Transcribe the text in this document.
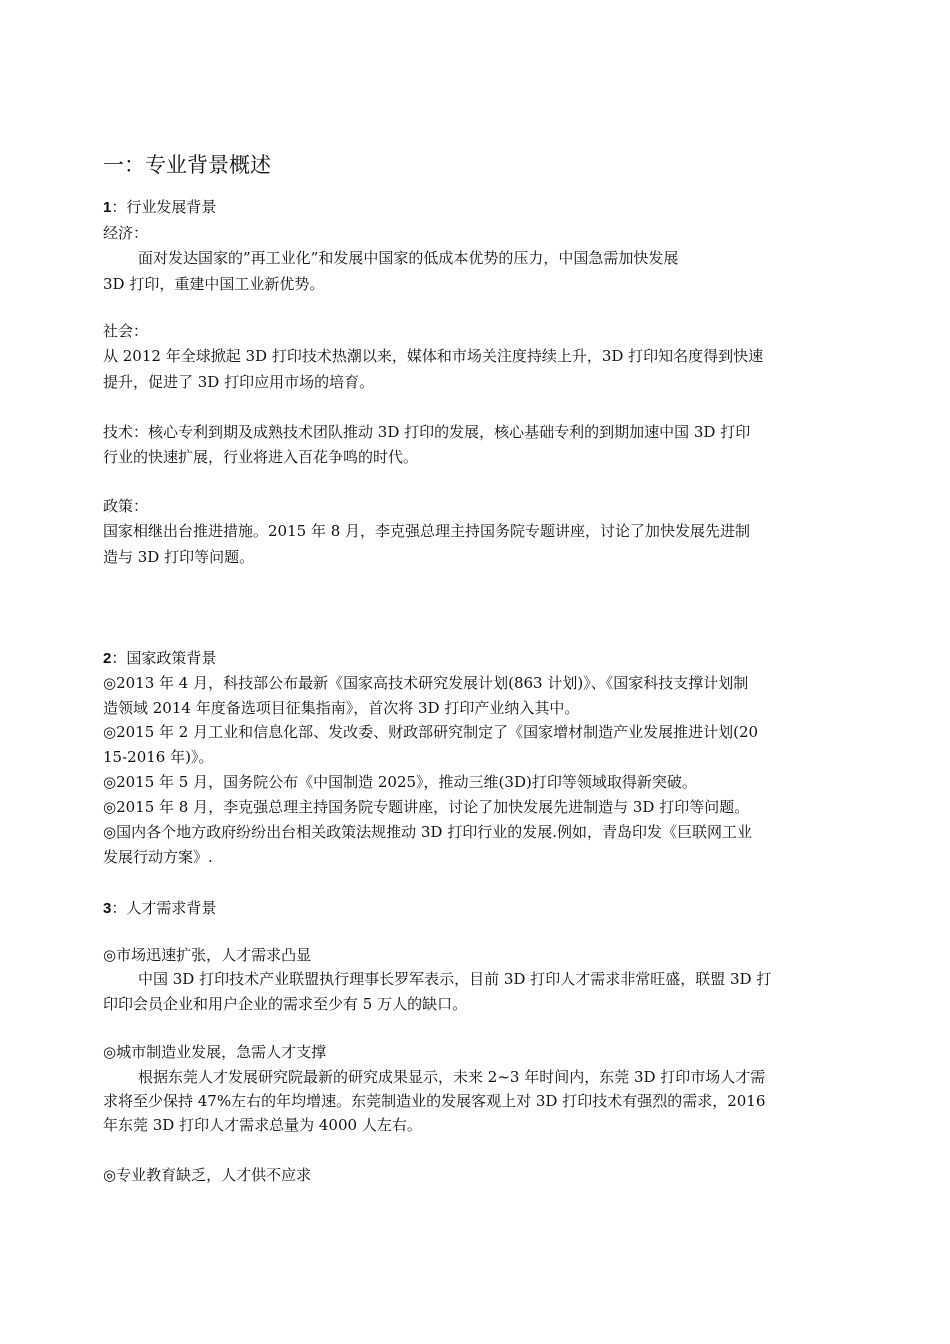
一：专业背景概述
1：行业发展背景
经济：
面对发达国家的”再工业化”和发展中国家的低成本优势的压力，中国急需加快发展
3D 打印，重建中国工业新优势。
社会：
从 2012 年全球掀起 3D 打印技术热潮以来，媒体和市场关注度持续上升，3D 打印知名度得到快速
提升，促进了 3D 打印应用市场的培育。
技术：核心专利到期及成熟技术团队推动 3D 打印的发展，核心基础专利的到期加速中国 3D 打印
行业的快速扩展，行业将进入百花争鸣的时代。
政策：
国家相继出台推进措施。2015 年 8 月，李克强总理主持国务院专题讲座，讨论了加快发展先进制
造与 3D 打印等问题。
2：国家政策背景
◎2013 年 4 月，科技部公布最新《国家高技术研究发展计划(863 计划)》、《国家科技支撑计划制
造领域 2014 年度备选项目征集指南》，首次将 3D 打印产业纳入其中。
◎2015 年 2 月工业和信息化部、发改委、财政部研究制定了《国家增材制造产业发展推进计划(20
15-2016 年)》。
◎2015 年 5 月，国务院公布《中国制造 2025》，推动三维(3D)打印等领域取得新突破。
◎2015 年 8 月，李克强总理主持国务院专题讲座，讨论了加快发展先进制造与 3D 打印等问题。
◎国内各个地方政府纷纷出台相关政策法规推动 3D 打印行业的发展.例如，青岛印发《巨联网工业
发展行动方案》.
3：人才需求背景
◎市场迅速扩张，人才需求凸显
中国 3D 打印技术产业联盟执行理事长罗军表示，目前 3D 打印人才需求非常旺盛，联盟 3D 打
印印会员企业和用户企业的需求至少有 5 万人的缺口。
◎城市制造业发展，急需人才支撑
根据东莞人才发展研究院最新的研究成果显示，未来 2~3 年时间内，东莞 3D 打印市场人才需
求将至少保持 47%左右的年均增速。东莞制造业的发展客观上对 3D 打印技术有强烈的需求，2016
年东莞 3D 打印人才需求总量为 4000 人左右。
◎专业教育缺乏，人才供不应求
